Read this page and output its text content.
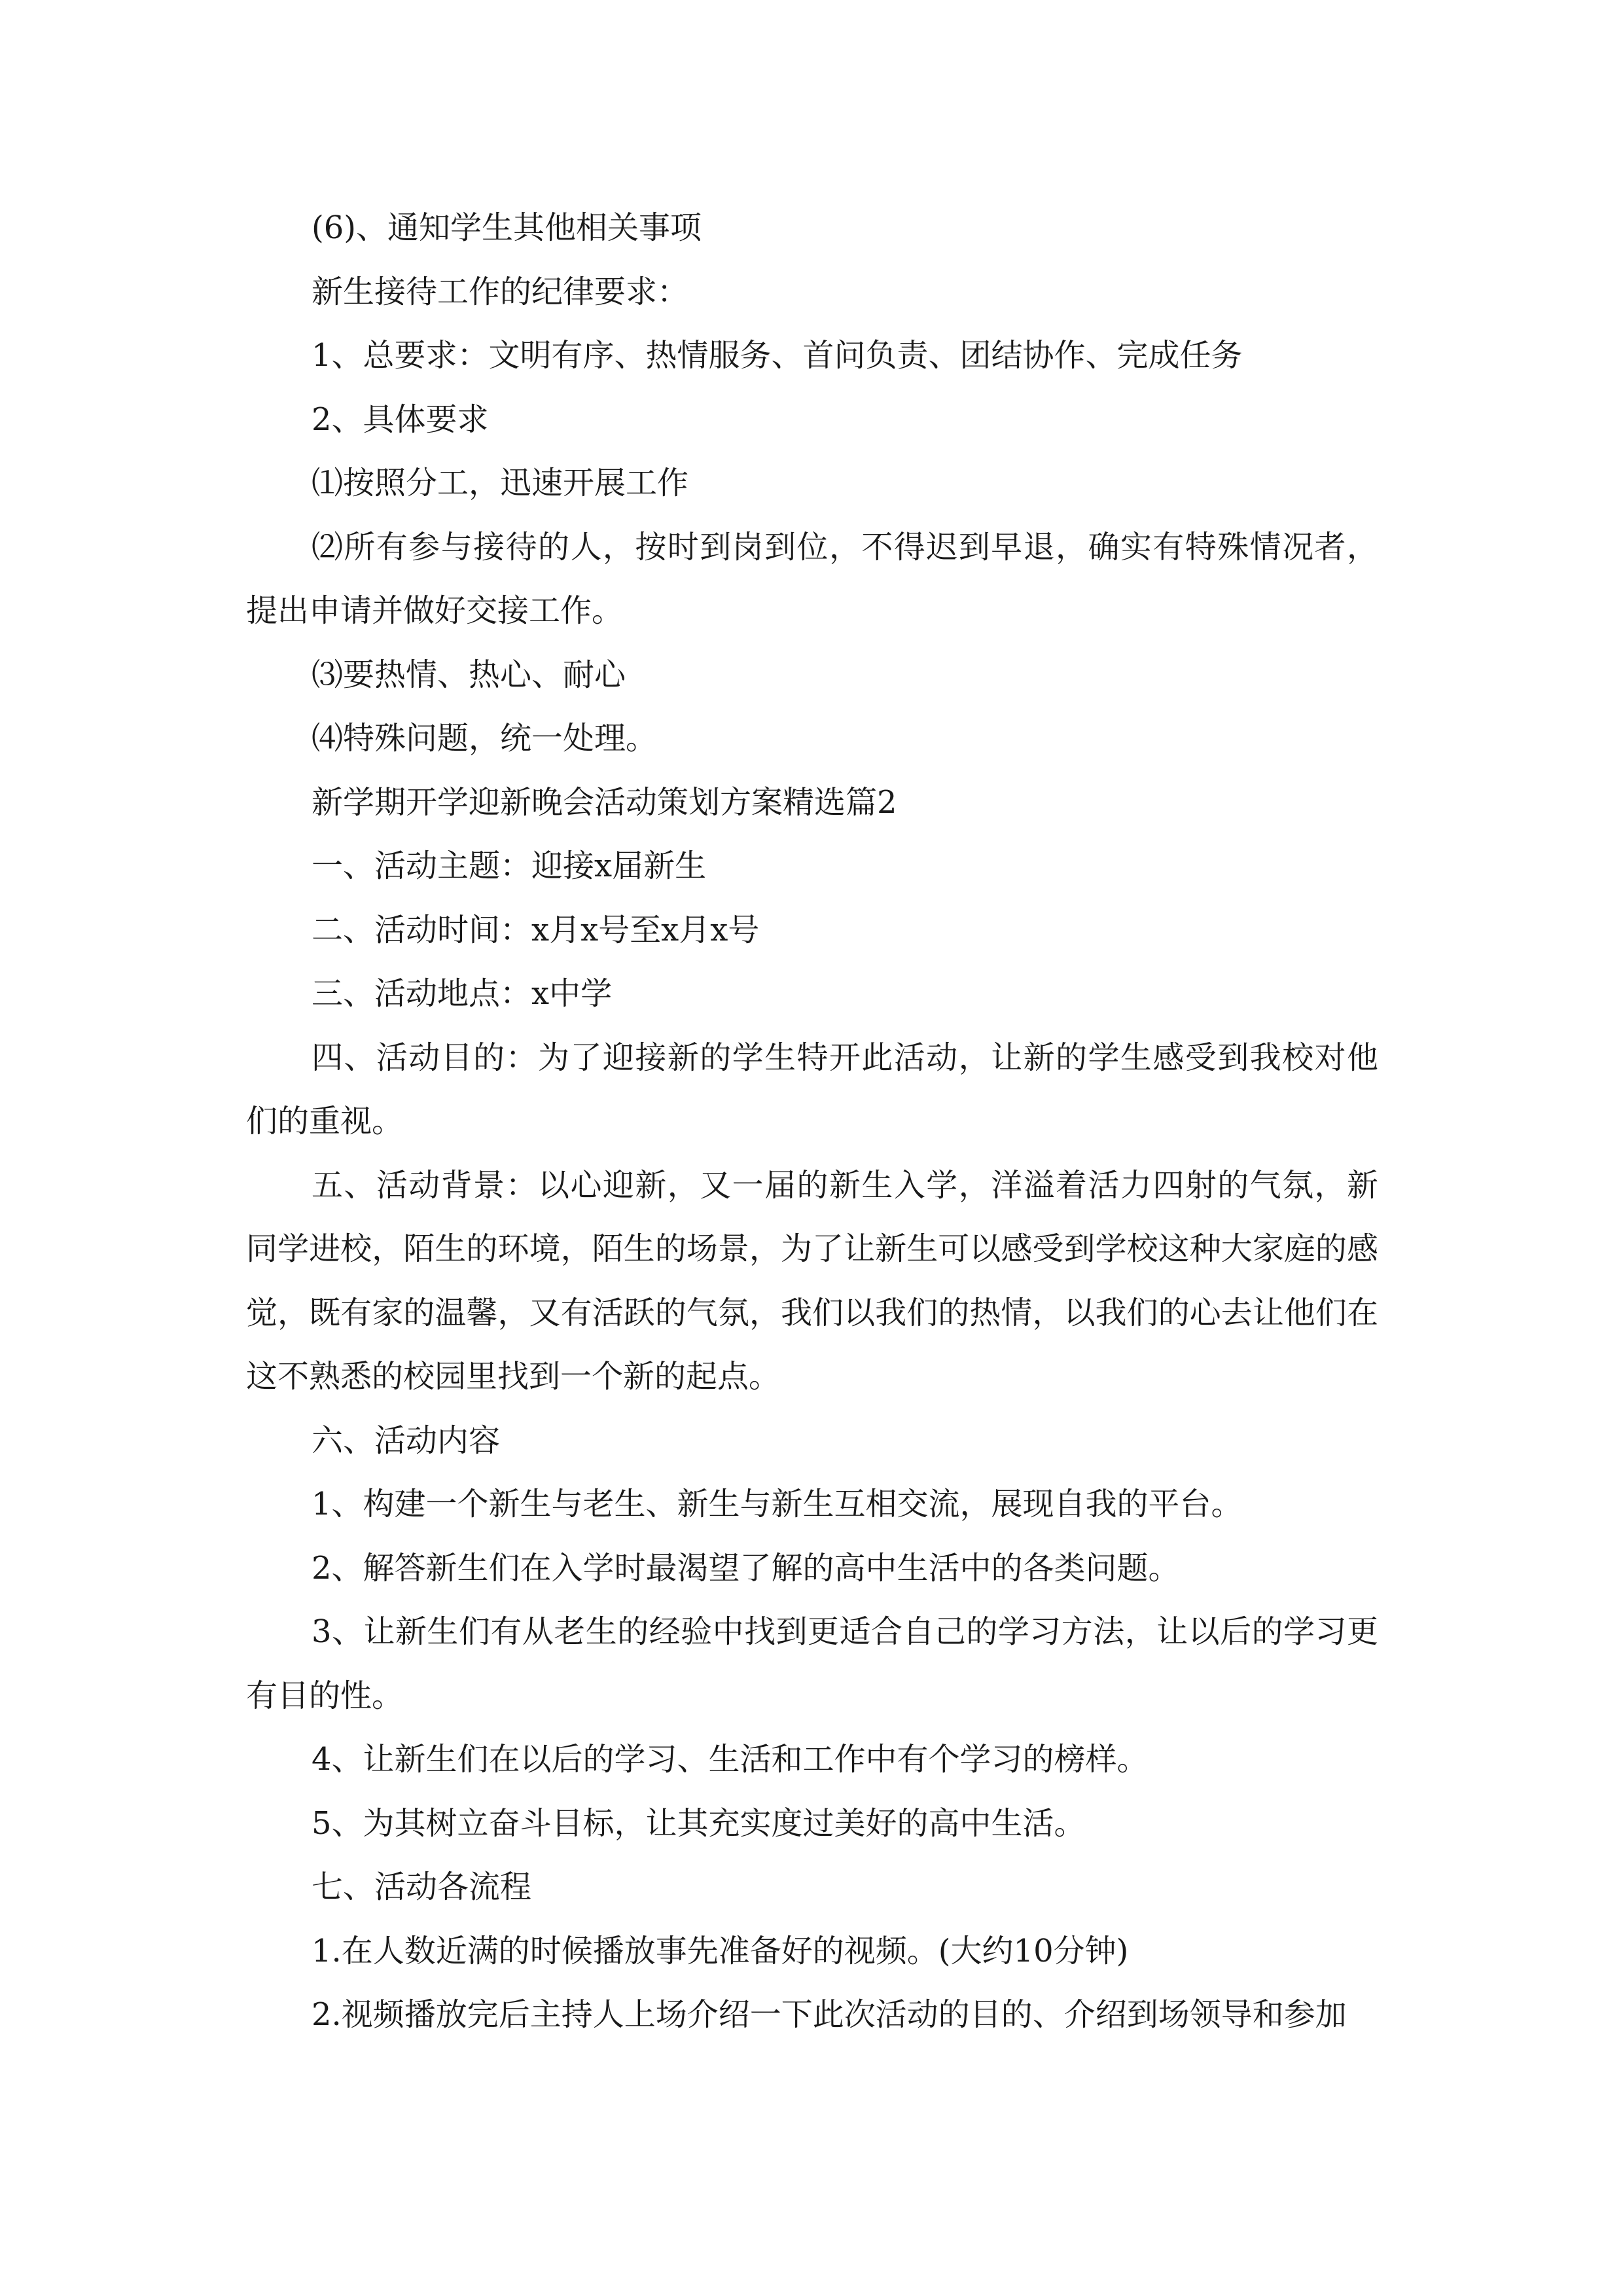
(6)、通知学生其他相关事项

新生接待工作的纪律要求：

1、总要求：文明有序、热情服务、首问负责、团结协作、完成任务

2、具体要求

⑴按照分工，迅速开展工作

⑵所有参与接待的人，按时到岗到位，不得迟到早退，确实有特殊情况者，提出申请并做好交接工作。

⑶要热情、热心、耐心

⑷特殊问题，统一处理。

新学期开学迎新晚会活动策划方案精选篇2

一、活动主题：迎接x届新生

二、活动时间：x月x号至x月x号

三、活动地点：x中学

四、活动目的：为了迎接新的学生特开此活动，让新的学生感受到我校对他们的重视。

五、活动背景：以心迎新，又一届的新生入学，洋溢着活力四射的气氛，新同学进校，陌生的环境，陌生的场景，为了让新生可以感受到学校这种大家庭的感觉，既有家的温馨，又有活跃的气氛，我们以我们的热情，以我们的心去让他们在这不熟悉的校园里找到一个新的起点。

六、活动内容

1、构建一个新生与老生、新生与新生互相交流，展现自我的平台。

2、解答新生们在入学时最渴望了解的高中生活中的各类问题。

3、让新生们有从老生的经验中找到更适合自己的学习方法，让以后的学习更有目的性。

4、让新生们在以后的学习、生活和工作中有个学习的榜样。

5、为其树立奋斗目标，让其充实度过美好的高中生活。

七、活动各流程

1.在人数近满的时候播放事先准备好的视频。(大约10分钟)

2.视频播放完后主持人上场介绍一下此次活动的目的、介绍到场领导和参加
